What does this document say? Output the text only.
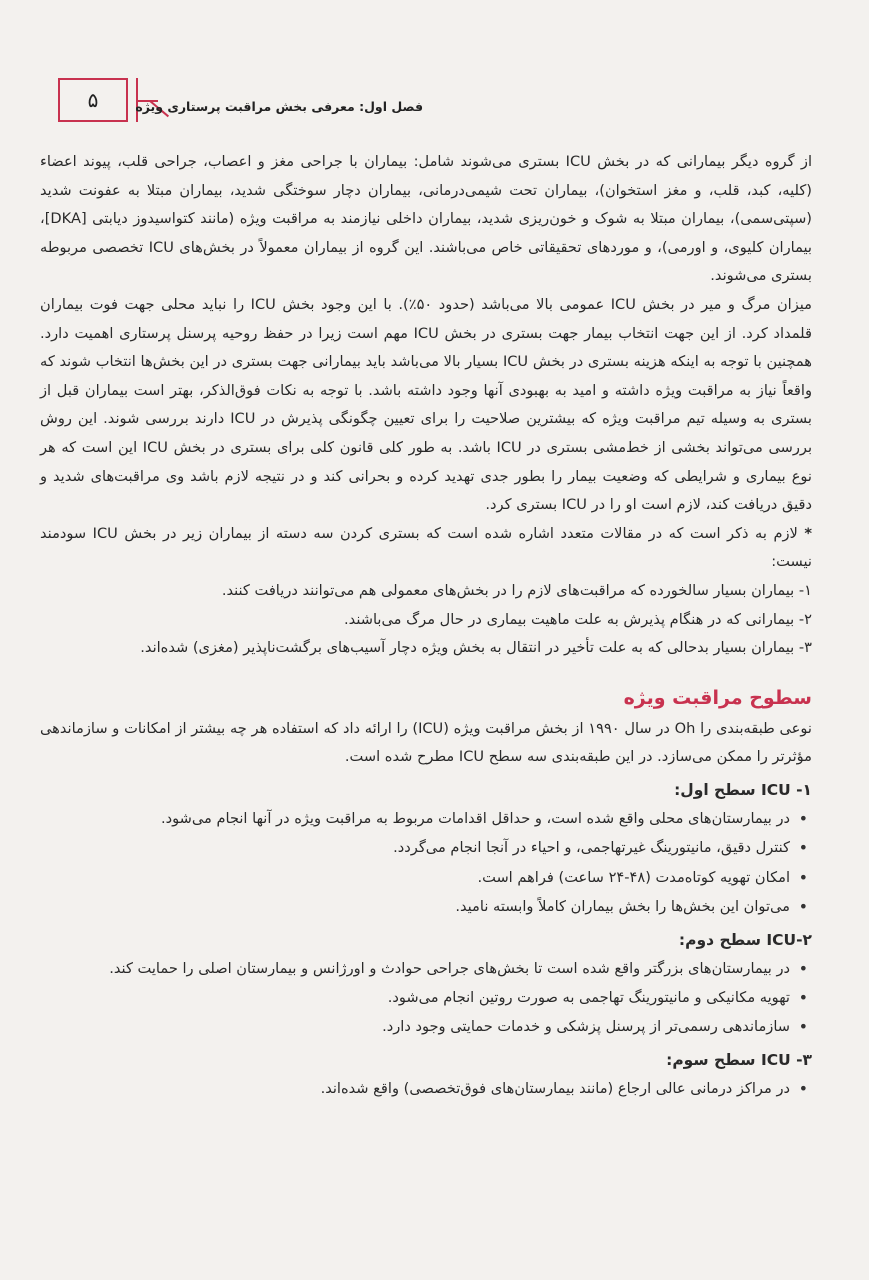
۵	فصل اول: معرفی بخش مراقبت پرستاری ویژه

از گروه دیگر بیمارانی که در بخش ICU بستری می‌شوند شامل: بیماران با جراحی مغز و اعصاب، جراحی قلب، پیوند اعضاء (کلیه، کبد، قلب، و مغز استخوان)، بیماران تحت شیمی‌درمانی، بیماران دچار سوختگی شدید، بیماران مبتلا به عفونت شدید (سپتی‌سمی)، بیماران مبتلا به شوک و خون‌ریزی شدید، بیماران داخلی نیازمند به مراقبت ویژه (مانند کتواسیدوز دیابتی [DKA]، بیماران کلیوی، و اورمی)، و موردهای تحقیقاتی خاص می‌باشند. این گروه از بیماران معمولاً در بخش‌های ICU تخصصی مربوطه بستری می‌شوند.

میزان مرگ و میر در بخش ICU عمومی بالا می‌باشد (حدود ۵۰٪). با این وجود بخش ICU را نباید محلی جهت فوت بیماران قلمداد کرد. از این جهت انتخاب بیمار جهت بستری در بخش ICU مهم است زیرا در حفظ روحیه پرسنل پرستاری اهمیت دارد. همچنین با توجه به اینکه هزینه بستری در بخش ICU بسیار بالا می‌باشد باید بیمارانی جهت بستری در این بخش‌ها انتخاب شوند که واقعاً نیاز به مراقبت ویژه داشته و امید به بهبودی آنها وجود داشته باشد. با توجه به نکات فوق‌الذکر، بهتر است بیماران قبل از بستری به وسیله تیم مراقبت ویژه که بیشترین صلاحیت را برای تعیین چگونگی پذیرش در ICU دارند بررسی شوند. این روش بررسی می‌تواند بخشی از خط‌مشی بستری در ICU باشد. به طور کلی قانون کلی برای بستری در بخش ICU این است که هر نوع بیماری و شرایطی که وضعیت بیمار را بطور جدی تهدید کرده و بحرانی کند و در نتیجه لازم باشد وی مراقبت‌های شدید و دقیق دریافت کند، لازم است او را در ICU بستری کرد.

* لازم به ذکر است که در مقالات متعدد اشاره شده است که بستری کردن سه دسته از بیماران زیر در بخش ICU سودمند نیست:

۱- بیماران بسیار سالخورده که مراقبت‌های لازم را در بخش‌های معمولی هم می‌توانند دریافت کنند.

۲- بیمارانی که در هنگام پذیرش به علت ماهیت بیماری در حال مرگ می‌باشند.

۳- بیماران بسیار بدحالی که به علت تأخیر در انتقال به بخش ویژه دچار آسیب‌های برگشت‌ناپذیر (مغزی) شده‌اند.

سطوح مراقبت ویژه

نوعی طبقه‌بندی را Oh در سال ۱۹۹۰ از بخش مراقبت ویژه (ICU) را ارائه داد که استفاده هر چه بیشتر از امکانات و سازماندهی مؤثرتر را ممکن می‌سازد. در این طبقه‌بندی سه سطح ICU مطرح شده است.

ICU -۱ سطح اول:
• در بیمارستان‌های محلی واقع شده است، و حداقل اقدامات مربوط به مراقبت ویژه در آنها انجام می‌شود.
• کنترل دقیق، مانیتورینگ غیرتهاجمی، و احیاء در آنجا انجام می‌گردد.
• امکان تهویه کوتاه‌مدت (۴۸-۲۴ ساعت) فراهم است.
• می‌توان این بخش‌ها را بخش بیماران کاملاً وابسته نامید.
ICU-۲ سطح دوم:
• در بیمارستان‌های بزرگتر واقع شده است تا بخش‌های جراحی حوادث و اورژانس و بیمارستان اصلی را حمایت کند.
• تهویه مکانیکی و مانیتورینگ تهاجمی به صورت روتین انجام می‌شود.
• سازماندهی رسمی‌تر از پرسنل پزشکی و خدمات حمایتی وجود دارد.
۳- ICU سطح سوم:
• در مراکز درمانی عالی ارجاع (مانند بیمارستان‌های فوق‌تخصصی) واقع شده‌اند.
